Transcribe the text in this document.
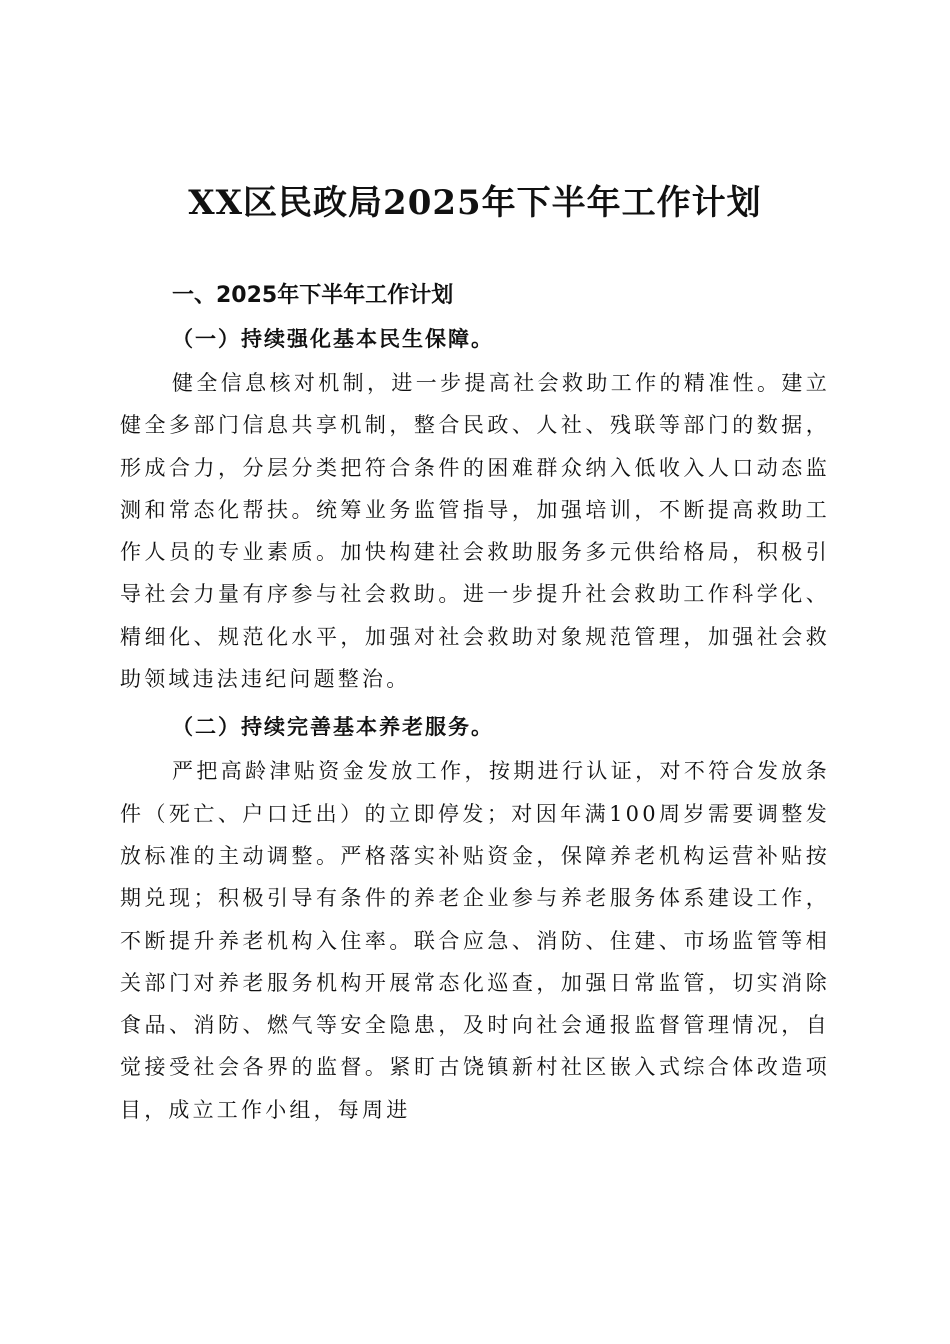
XX区民政局2025年下半年工作计划

一、2025年下半年工作计划

（一）持续强化基本民生保障。

健全信息核对机制，进一步提高社会救助工作的精准性。建立健全多部门信息共享机制，整合民政、人社、残联等部门的数据，形成合力，分层分类把符合条件的困难群众纳入低收入人口动态监测和常态化帮扶。统筹业务监管指导，加强培训，不断提高救助工作人员的专业素质。加快构建社会救助服务多元供给格局，积极引导社会力量有序参与社会救助。进一步提升社会救助工作科学化、精细化、规范化水平，加强对社会救助对象规范管理，加强社会救助领域违法违纪问题整治。

（二）持续完善基本养老服务。

严把高龄津贴资金发放工作，按期进行认证，对不符合发放条件（死亡、户口迁出）的立即停发；对因年满100周岁需要调整发放标准的主动调整。严格落实补贴资金，保障养老机构运营补贴按期兑现；积极引导有条件的养老企业参与养老服务体系建设工作，不断提升养老机构入住率。联合应急、消防、住建、市场监管等相关部门对养老服务机构开展常态化巡查，加强日常监管，切实消除食品、消防、燃气等安全隐患，及时向社会通报监督管理情况，自觉接受社会各界的监督。紧盯古饶镇新村社区嵌入式综合体改造项目，成立工作小组，每周进
